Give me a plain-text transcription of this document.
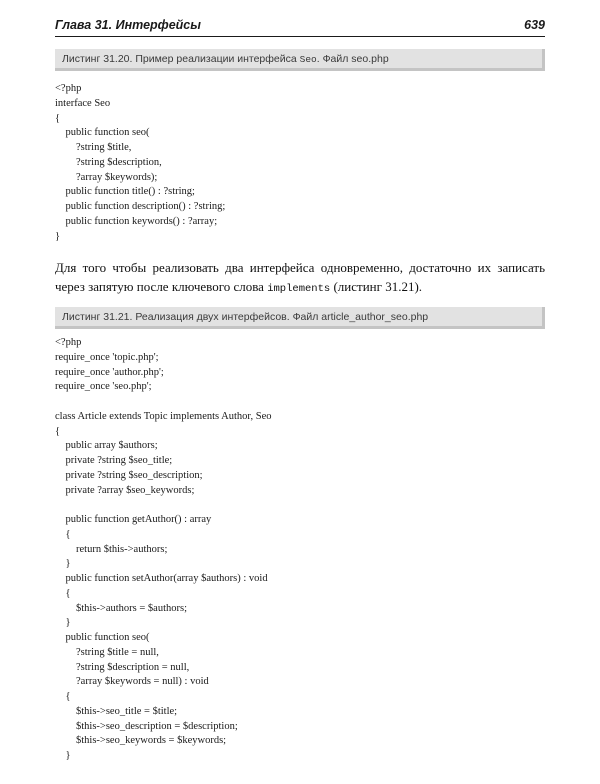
Глава 31. Интерфейсы	639
Листинг 31.20. Пример реализации интерфейса Seo. Файл seo.php
<?php
interface Seo
{
public function seo(
?string $title,
?string $description,
?array $keywords);
public function title() : ?string;
public function description() : ?string;
public function keywords() : ?array;
}
Для того чтобы реализовать два интерфейса одновременно, достаточно их записать через запятую после ключевого слова implements (листинг 31.21).
Листинг 31.21. Реализация двух интерфейсов. Файл article_author_seo.php
<?php
require_once 'topic.php';
require_once 'author.php';
require_once 'seo.php';

class Article extends Topic implements Author, Seo
{
public array $authors;
private ?string $seo_title;
private ?string $seo_description;
private ?array $seo_keywords;

public function getAuthor() : array
{
return $this->authors;
}
public function setAuthor(array $authors) : void
{
$this->authors = $authors;
}
public function seo(
?string $title = null,
?string $description = null,
?array $keywords = null) : void
{
$this->seo_title = $title;
$this->seo_description = $description;
$this->seo_keywords = $keywords;
}
